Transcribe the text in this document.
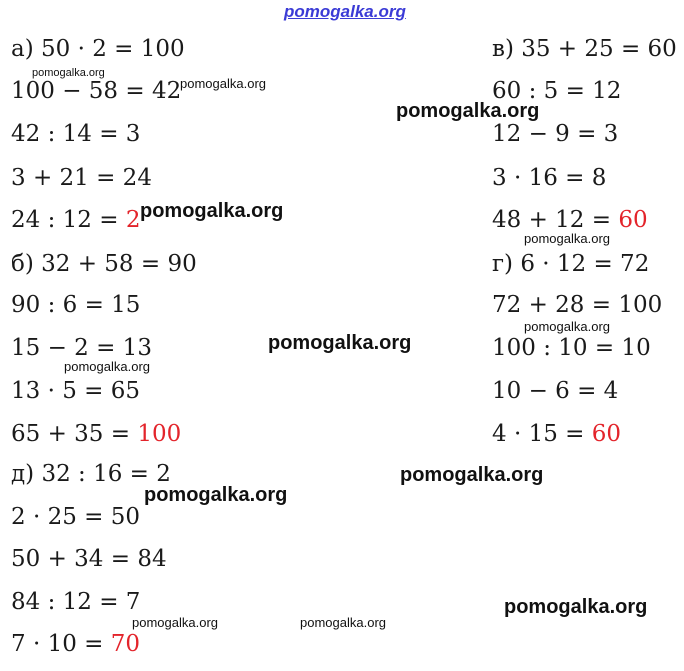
pomogalka.org
pomogalka.org
pomogalka.org
pomogalka.org
pomogalka.org
pomogalka.org
pomogalka.org
pomogalka.org
pomogalka.org
pomogalka.org
pomogalka.org
pomogalka.org
pomogalka.org	pomogalka.org
а) 50 · 2 = 100
100 − 58 = 42
42 : 14 = 3
3 + 21 = 24
24 : 12 = 2
б) 32 + 58 = 90
90 : 6 = 15
15 − 2 = 13
13 · 5 = 65
65 + 35 = 100
д) 32 : 16 = 2
2 · 25 = 50
50 + 34 = 84
84 : 12 = 7
7 · 10 = 70
в) 35 + 25 = 60
60 : 5 = 12
12 − 9 = 3
3 · 16 = 8
48 + 12 = 60
г) 6 · 12 = 72
72 + 28 = 100
100 : 10 = 10
10 − 6 = 4
4 · 15 = 60
